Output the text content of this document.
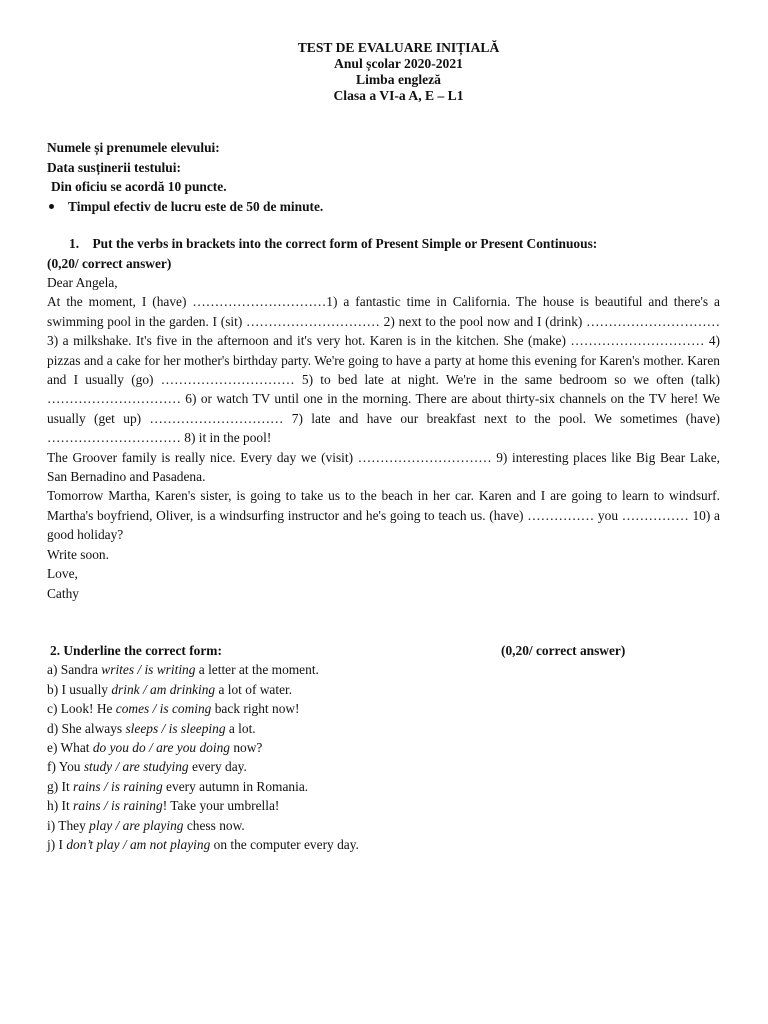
TEST DE EVALUARE INIȚIALĂ
Anul școlar 2020-2021
Limba engleză
Clasa a VI-a A, E – L1
Numele și prenumele elevului:
Data susținerii testului:
Din oficiu se acordă 10 puncte.
Timpul efectiv de lucru este de 50 de minute.
1. Put the verbs in brackets into the correct form of Present Simple or Present Continuous:
(0,20/ correct answer)

Dear Angela,

At the moment, I (have) …………………………1) a fantastic time in California. The house is beautiful and there's a swimming pool in the garden. I (sit) ………………………… 2) next to the pool now and I (drink) ………………………… 3) a milkshake. It's five in the afternoon and it's very hot. Karen is in the kitchen. She (make) ………………………… 4) pizzas and a cake for her mother's birthday party. We're going to have a party at home this evening for Karen's mother. Karen and I usually (go) ………………………… 5) to bed late at night. We're in the same bedroom so we often (talk) ………………………… 6) or watch TV until one in the morning. There are about thirty-six channels on the TV here! We usually (get up) ………………………… 7) late and have our breakfast next to the pool. We sometimes (have) ………………………… 8) it in the pool!

The Groover family is really nice. Every day we (visit) ………………………… 9) interesting places like Big Bear Lake, San Bernadino and Pasadena.

Tomorrow Martha, Karen's sister, is going to take us to the beach in her car. Karen and I are going to learn to windsurf. Martha's boyfriend, Oliver, is a windsurfing instructor and he's going to teach us. (have) …………… you …………… 10) a good holiday?

Write soon.

Love,

Cathy

2. Underline the correct form:	(0,20/ correct answer)
a) Sandra writes / is writing a letter at the moment.
b) I usually drink / am drinking a lot of water.
c) Look! He comes / is coming back right now!
d) She always sleeps / is sleeping a lot.
e) What do you do / are you doing now?
f) You study / are studying every day.
g) It rains / is raining every autumn in Romania.
h) It rains / is raining! Take your umbrella!
i) They play / are playing chess now.
j) I don’t play / am not playing on the computer every day.
